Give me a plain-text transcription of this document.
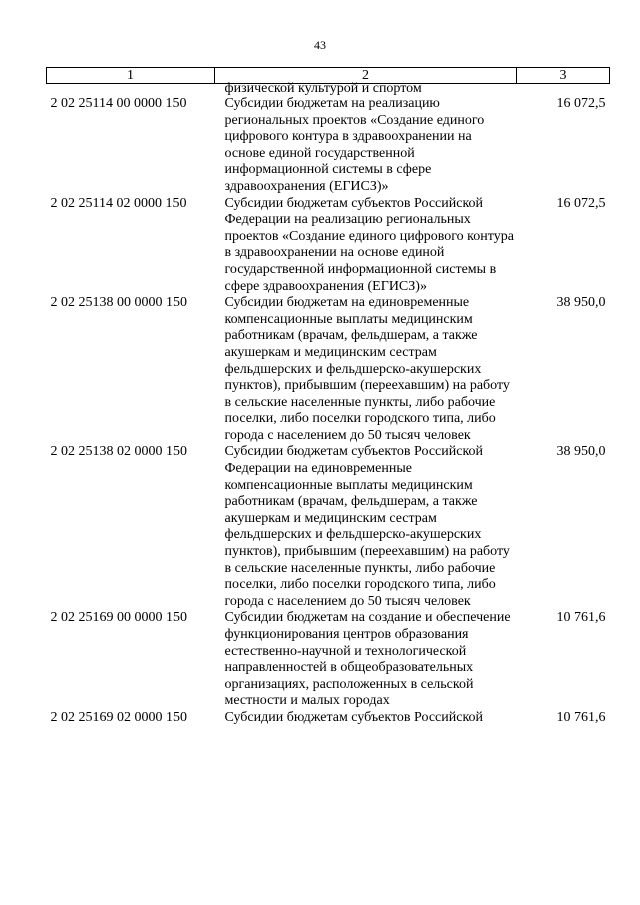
43
1	2	3

	физической культурой и спортом	

2 02 25114 00 0000 150	Субсидии бюджетам на реализацию региональных проектов «Создание единого цифрового контура в здравоохранении на основе единой государственной информационной системы в сфере здравоохранения (ЕГИСЗ)»	16 072,5
2 02 25114 02 0000 150	Субсидии бюджетам субъектов Российской Федерации на реализацию региональных проектов «Создание единого цифрового контура в здравоохранении на основе единой государственной информационной системы в сфере здравоохранения (ЕГИСЗ)»	16 072,5
2 02 25138 00 0000 150	Субсидии бюджетам на единовременные компенсационные выплаты медицинским работникам (врачам, фельдшерам, а также акушеркам и медицинским сестрам фельдшерских и фельдшерско-акушерских пунктов), прибывшим (переехавшим) на работу в сельские населенные пункты, либо рабочие поселки, либо поселки городского типа, либо города с населением до 50 тысяч человек	38 950,0
2 02 25138 02 0000 150	Субсидии бюджетам субъектов Российской Федерации на единовременные компенсационные выплаты медицинским работникам (врачам, фельдшерам, а также акушеркам и медицинским сестрам фельдшерских и фельдшерско-акушерских пунктов), прибывшим (переехавшим) на работу в сельские населенные пункты, либо рабочие поселки, либо поселки городского типа, либо города с населением до 50 тысяч человек	38 950,0
2 02 25169 00 0000 150	Субсидии бюджетам на создание и обеспечение функционирования центров образования естественно-научной и технологической направленностей в общеобразовательных организациях, расположенных в сельской местности и малых городах	10 761,6
2 02 25169 02 0000 150	Субсидии бюджетам субъектов Российской	10 761,6
